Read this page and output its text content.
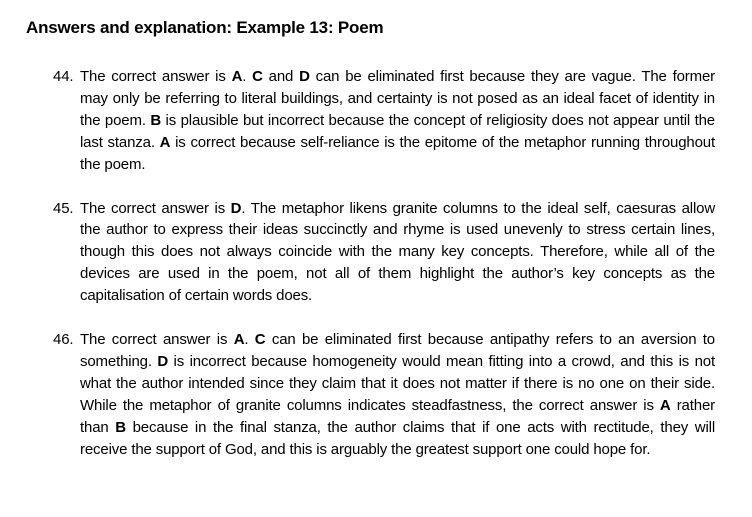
Answers and explanation: Example 13: Poem
44. The correct answer is A. C and D can be eliminated first because they are vague. The former may only be referring to literal buildings, and certainty is not posed as an ideal facet of identity in the poem. B is plausible but incorrect because the concept of religiosity does not appear until the last stanza. A is correct because self-reliance is the epitome of the metaphor running throughout the poem.
45. The correct answer is D. The metaphor likens granite columns to the ideal self, caesuras allow the author to express their ideas succinctly and rhyme is used unevenly to stress certain lines, though this does not always coincide with the many key concepts. Therefore, while all of the devices are used in the poem, not all of them highlight the author’s key concepts as the capitalisation of certain words does.
46. The correct answer is A. C can be eliminated first because antipathy refers to an aversion to something. D is incorrect because homogeneity would mean fitting into a crowd, and this is not what the author intended since they claim that it does not matter if there is no one on their side. While the metaphor of granite columns indicates steadfastness, the correct answer is A rather than B because in the final stanza, the author claims that if one acts with rectitude, they will receive the support of God, and this is arguably the greatest support one could hope for.
